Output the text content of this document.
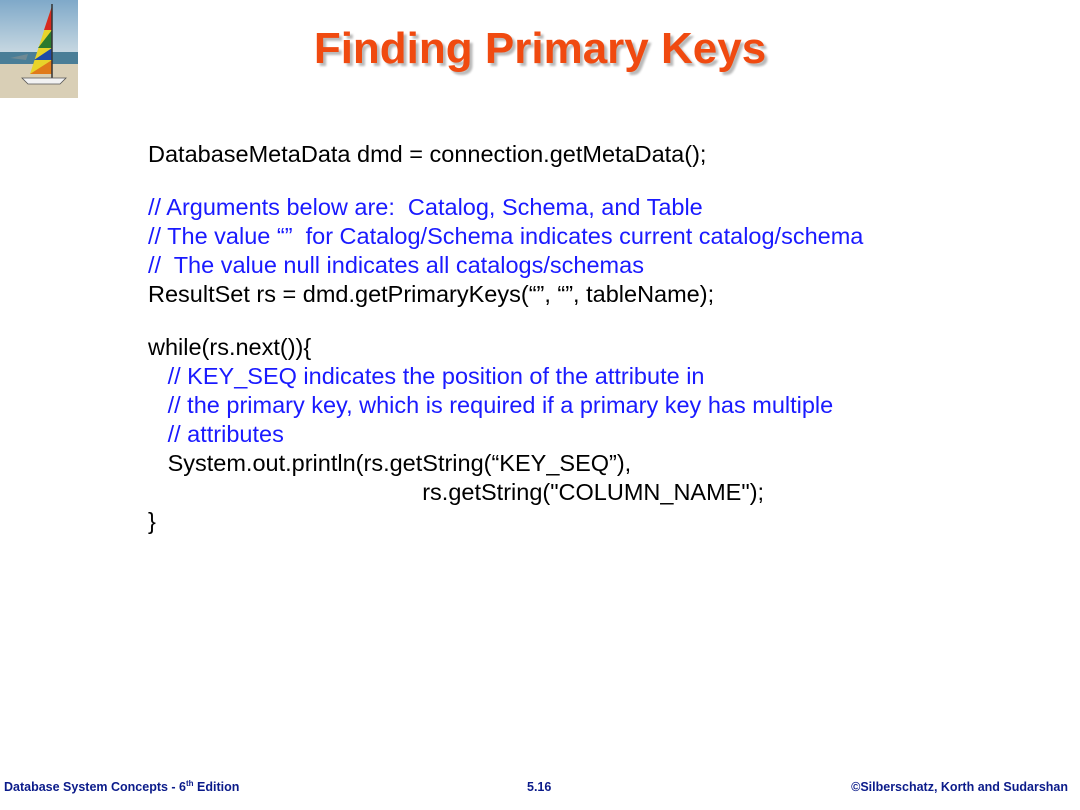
Finding Primary Keys
DatabaseMetaData dmd = connection.getMetaData();
// Arguments below are:  Catalog, Schema, and Table
// The value “”  for Catalog/Schema indicates current catalog/schema
//  The value null indicates all catalogs/schemas
ResultSet rs = dmd.getPrimaryKeys(“”, “”, tableName);
while(rs.next()){
// KEY_SEQ indicates the position of the attribute in
// the primary key, which is required if a primary key has multiple
// attributes
System.out.println(rs.getString(“KEY_SEQ”),
rs.getString("COLUMN_NAME");
}
Database System Concepts - 6th Edition	5.16	©Silberschatz, Korth and Sudarshan
